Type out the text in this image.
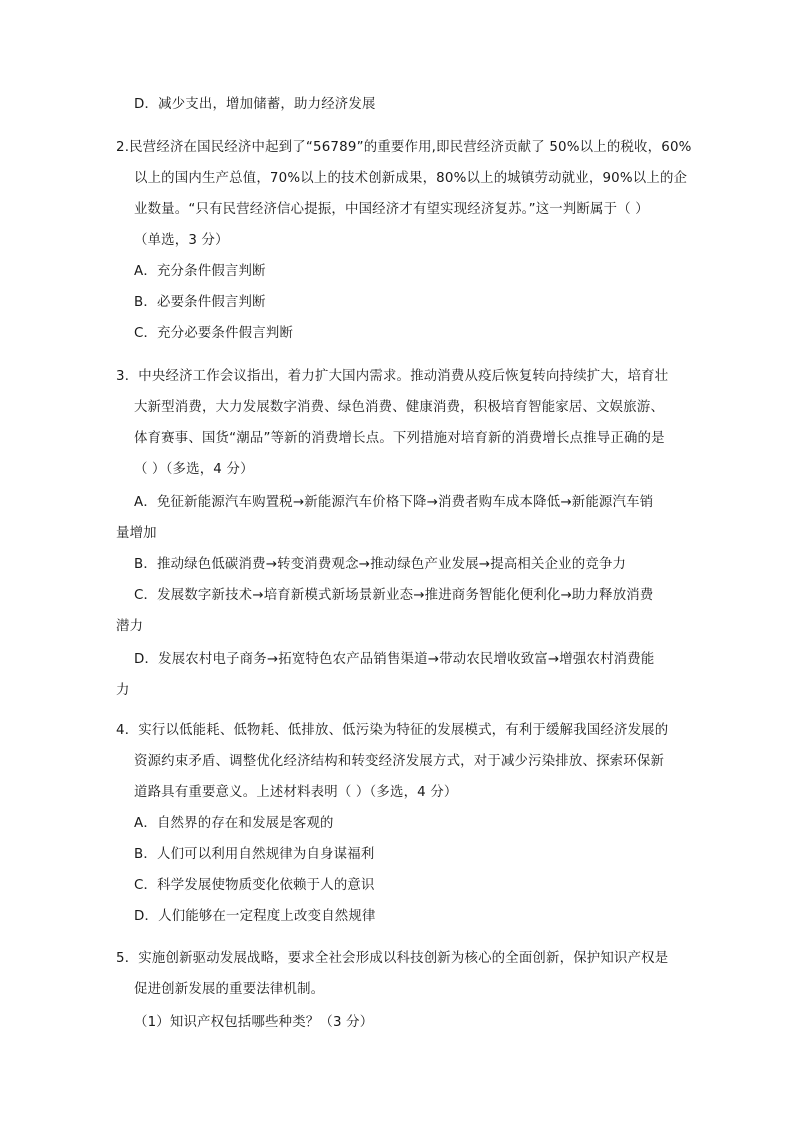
D．减少支出，增加储蓄，助力经济发展
2.民营经济在国民经济中起到了“56789”的重要作用,即民营经济贡献了 50%以上的税收，60%
以上的国内生产总值，70%以上的技术创新成果，80%以上的城镇劳动就业，90%以上的企
业数量。“只有民营经济信心提振，中国经济才有望实现经济复苏。”这一判断属于（ ）
（单选，3 分）
A．充分条件假言判断
B．必要条件假言判断
C．充分必要条件假言判断
3．中央经济工作会议指出，着力扩大国内需求。推动消费从疫后恢复转向持续扩大，培育壮
大新型消费，大力发展数字消费、绿色消费、健康消费，积极培育智能家居、文娱旅游、
体育赛事、国货“潮品”等新的消费增长点。下列措施对培育新的消费增长点推导正确的是
（ ）（多选，4 分）
A．免征新能源汽车购置税→新能源汽车价格下降→消费者购车成本降低→新能源汽车销
量增加
B．推动绿色低碳消费→转变消费观念→推动绿色产业发展→提高相关企业的竞争力
C．发展数字新技术→培育新模式新场景新业态→推进商务智能化便利化→助力释放消费
潜力
D．发展农村电子商务→拓宽特色农产品销售渠道→带动农民增收致富→增强农村消费能
力
4．实行以低能耗、低物耗、低排放、低污染为特征的发展模式，有利于缓解我国经济发展的
资源约束矛盾、调整优化经济结构和转变经济发展方式，对于减少污染排放、探索环保新
道路具有重要意义。上述材料表明（ ）（多选，4 分）
A．自然界的存在和发展是客观的
B．人们可以利用自然规律为自身谋福利
C．科学发展使物质变化依赖于人的意识
D．人们能够在一定程度上改变自然规律
5．实施创新驱动发展战略，要求全社会形成以科技创新为核心的全面创新，保护知识产权是
促进创新发展的重要法律机制。
（1）知识产权包括哪些种类？（3 分）
